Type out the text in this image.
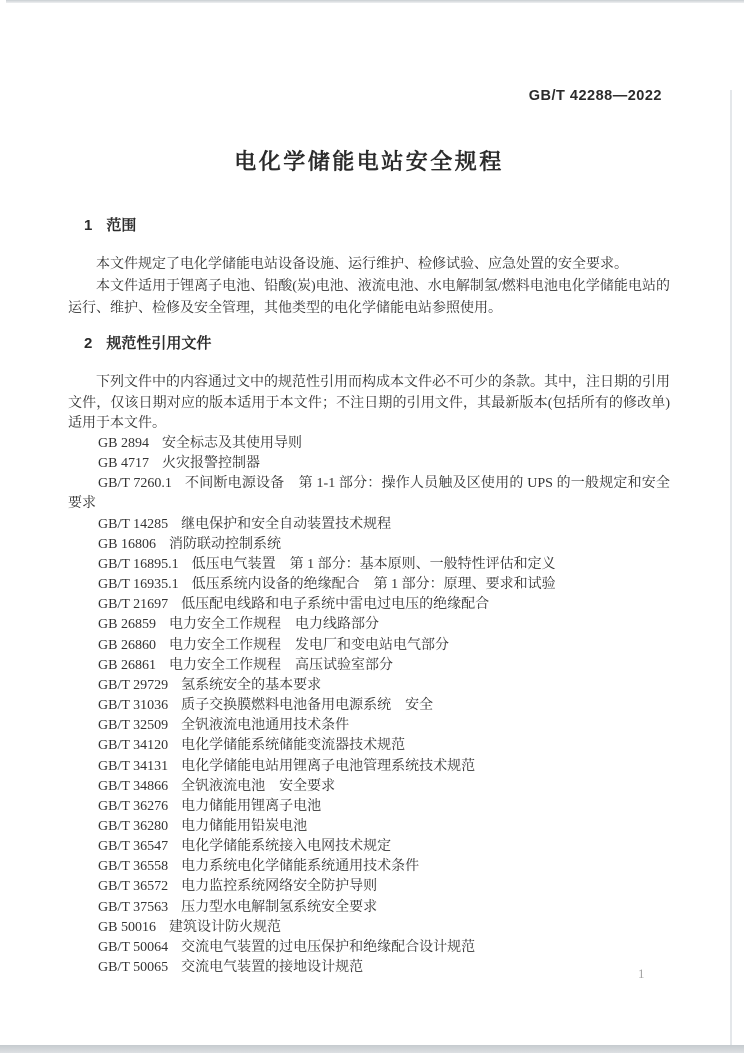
GB/T 42288—2022
电化学储能电站安全规程
1 范围

本文件规定了电化学储能电站设备设施、运行维护、检修试验、应急处置的安全要求。

本文件适用于锂离子电池、铅酸(炭)电池、液流电池、水电解制氢/燃料电池电化学储能电站的运行、维护、检修及安全管理，其他类型的电化学储能电站参照使用。

2 规范性引用文件

下列文件中的内容通过文中的规范性引用而构成本文件必不可少的条款。其中，注日期的引用文件，仅该日期对应的版本适用于本文件；不注日期的引用文件，其最新版本(包括所有的修改单)适用于本文件。

GB 2894 安全标志及其使用导则
GB 4717 火灾报警控制器
GB/T 7260.1 不间断电源设备　第 1-1 部分：操作人员触及区使用的 UPS 的一般规定和安全要求
GB/T 14285 继电保护和安全自动装置技术规程
GB 16806 消防联动控制系统
GB/T 16895.1 低压电气装置　第 1 部分：基本原则、一般特性评估和定义
GB/T 16935.1 低压系统内设备的绝缘配合　第 1 部分：原理、要求和试验
GB/T 21697 低压配电线路和电子系统中雷电过电压的绝缘配合
GB 26859 电力安全工作规程　电力线路部分
GB 26860 电力安全工作规程　发电厂和变电站电气部分
GB 26861 电力安全工作规程　高压试验室部分
GB/T 29729 氢系统安全的基本要求
GB/T 31036 质子交换膜燃料电池备用电源系统　安全
GB/T 32509 全钒液流电池通用技术条件
GB/T 34120 电化学储能系统储能变流器技术规范
GB/T 34131 电化学储能电站用锂离子电池管理系统技术规范
GB/T 34866 全钒液流电池　安全要求
GB/T 36276 电力储能用锂离子电池
GB/T 36280 电力储能用铅炭电池
GB/T 36547 电化学储能系统接入电网技术规定
GB/T 36558 电力系统电化学储能系统通用技术条件
GB/T 36572 电力监控系统网络安全防护导则
GB/T 37563 压力型水电解制氢系统安全要求
GB 50016 建筑设计防火规范
GB/T 50064 交流电气装置的过电压保护和绝缘配合设计规范
GB/T 50065 交流电气装置的接地设计规范	1
